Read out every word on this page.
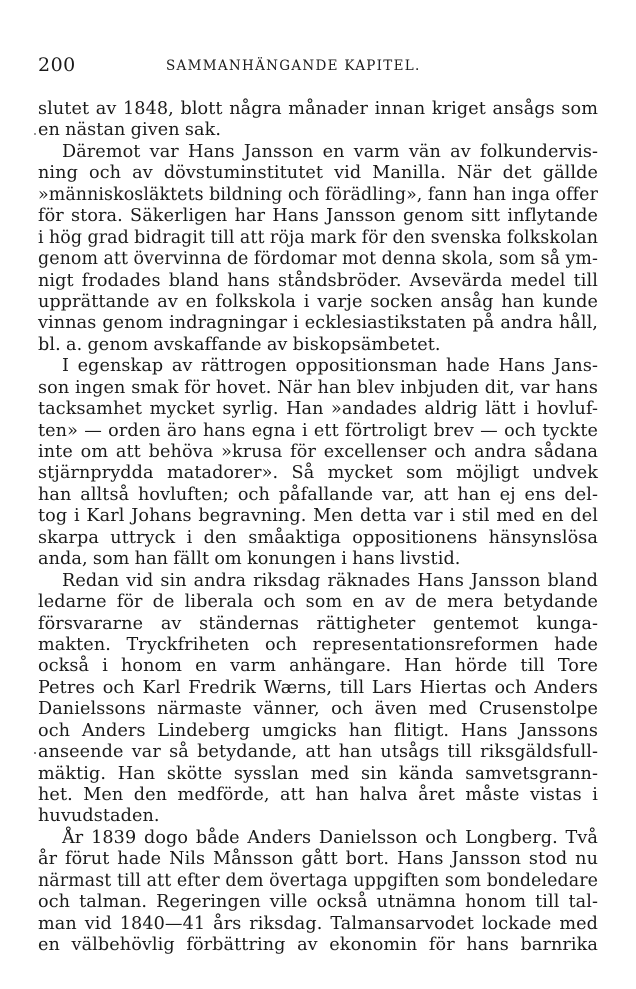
200	SAMMANHÄNGANDE KAPITEL.
slutet av 1848, blott några månader innan kriget ansågs som
en nästan given sak.
Däremot var Hans Jansson en varm vän av folkundervis-
ning och av dövstuminstitutet vid Manilla. När det gällde
»människosläktets bildning och förädling», fann han inga offer
för stora. Säkerligen har Hans Jansson genom sitt inflytande
i hög grad bidragit till att röja mark för den svenska folkskolan
genom att övervinna de fördomar mot denna skola, som så ym-
nigt frodades bland hans ståndsbröder. Avsevärda medel till
upprättande av en folkskola i varje socken ansåg han kunde
vinnas genom indragningar i ecklesiastikstaten på andra håll,
bl. a. genom avskaffande av biskopsämbetet.
I egenskap av rättrogen oppositionsman hade Hans Jans-
son ingen smak för hovet. När han blev inbjuden dit, var hans
tacksamhet mycket syrlig. Han »andades aldrig lätt i hovluf-
ten» — orden äro hans egna i ett förtroligt brev — och tyckte
inte om att behöva »krusa för excellenser och andra sådana
stjärnprydda matadorer». Så mycket som möjligt undvek
han alltså hovluften; och påfallande var, att han ej ens del-
tog i Karl Johans begravning. Men detta var i stil med en del
skarpa uttryck i den småaktiga oppositionens hänsynslösa
anda, som han fällt om konungen i hans livstid.
Redan vid sin andra riksdag räknades Hans Jansson bland
ledarne för de liberala och som en av de mera betydande
försvararne av ständernas rättigheter gentemot kunga-
makten. Tryckfriheten och representationsreformen hade
också i honom en varm anhängare. Han hörde till Tore
Petres och Karl Fredrik Wærns, till Lars Hiertas och Anders
Danielssons närmaste vänner, och även med Crusenstolpe
och Anders Lindeberg umgicks han flitigt. Hans Janssons
anseende var så betydande, att han utsågs till riksgäldsfull-
mäktig. Han skötte sysslan med sin kända samvetsgrann-
het. Men den medförde, att han halva året måste vistas i
huvudstaden.
År 1839 dogo både Anders Danielsson och Longberg. Två
år förut hade Nils Månsson gått bort. Hans Jansson stod nu
närmast till att efter dem övertaga uppgiften som bondeledare
och talman. Regeringen ville också utnämna honom till tal-
man vid 1840—41 års riksdag. Talmansarvodet lockade med
en välbehövlig förbättring av ekonomin för hans barnrika
